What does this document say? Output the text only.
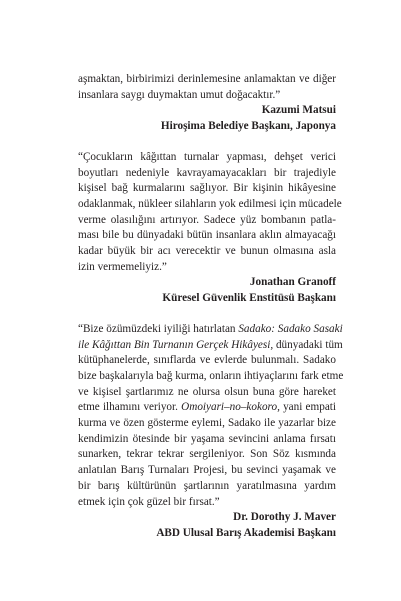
aşmaktan, birbirimizi derinlemesine anlamaktan ve diğer
insanlara saygı duymaktan umut doğacaktır.”

Kazumi Matsui

Hiroşima Belediye Başkanı, Japonya

“Çocukların kâğıttan turnalar yapması, dehşet verici
boyutları nedeniyle kavrayamayacakları bir trajediyle
kişisel bağ kurmalarını sağlıyor. Bir kişinin hikâyesine
odaklanmak, nükleer silahların yok edilmesi için mücadele
verme olasılığını artırıyor. Sadece yüz bombanın patla-
ması bile bu dünyadaki bütün insanlara aklın almayacağı
kadar büyük bir acı verecektir ve bunun olmasına asla
izin vermemeliyiz.”

Jonathan Granoff

Küresel Güvenlik Enstitüsü Başkanı

“Bize özümüzdeki iyiliği hatırlatan Sadako: Sadako Sasaki
ile Kâğıttan Bin Turnanın Gerçek Hikâyesi, dünyadaki tüm
kütüphanelerde, sınıflarda ve evlerde bulunmalı. Sadako
bize başkalarıyla bağ kurma, onların ihtiyaçlarını fark etme
ve kişisel şartlarımız ne olursa olsun buna göre hareket
etme ilhamını veriyor. Omoiyari–no–kokoro, yani empati
kurma ve özen gösterme eylemi, Sadako ile yazarlar bize
kendimizin ötesinde bir yaşama sevincini anlama fırsatı
sunarken, tekrar tekrar sergileniyor. Son Söz kısmında
anlatılan Barış Turnaları Projesi, bu sevinci yaşamak ve
bir barış kültürünün şartlarının yaratılmasına yardım
etmek için çok güzel bir fırsat.”

Dr. Dorothy J. Maver

ABD Ulusal Barış Akademisi Başkanı
